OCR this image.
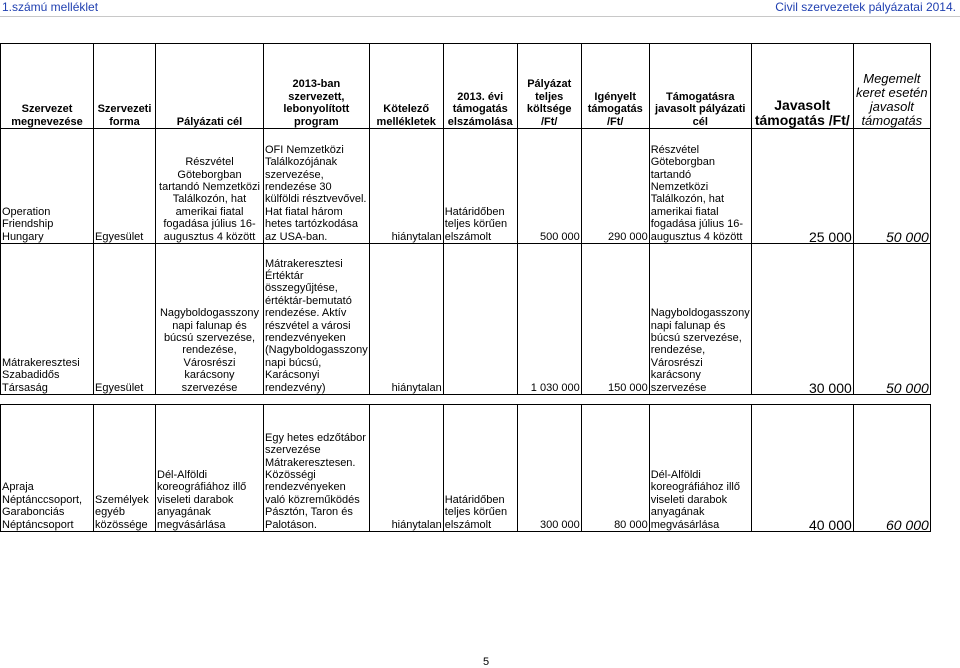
1.számú melléklet	Civil szervezetek pályázatai 2014.
Szervezet megnevezése	Szervezeti forma	Pályázati cél	2013-ban szervezett, lebonyolított program	Kötelező mellékletek	2013. évi támogatás elszámolása	Pályázat teljes költsége /Ft/	Igényelt támogatás /Ft/	Támogatásra javasolt pályázati cél	Javasolt támogatás /Ft/	Megemelt keret esetén javasolt támogatás
Operation Friendship Hungary	Egyesület	Részvétel Göteborgban tartandó Nemzetközi Találkozón, hat amerikai fiatal fogadása július 16-augusztus 4 között	OFI Nemzetközi Találkozójának szervezése, rendezése 30 külföldi résztvevővel. Hat fiatal három hetes tartózkodása az USA-ban.	hiánytalan	Határidőben teljes körűen elszámolt	500 000	290 000	Részvétel Göteborgban tartandó Nemzetközi Találkozón, hat amerikai fiatal fogadása július 16-augusztus 4 között	25 000	50 000
Mátrakeresztesi Szabadidős Társaság	Egyesület	Nagyboldogasszony napi falunap és búcsú szervezése, rendezése, Városrészi karácsony szervezése	Mátrakeresztesi Értéktár összegyűjtése, értéktár-bemutató rendezése. Aktív részvétel a városi rendezvényeken (Nagyboldogasszony napi búcsú, Karácsonyi rendezvény)	hiánytalan		1 030 000	150 000	Nagyboldogasszony napi falunap és búcsú szervezése, rendezése, Városrészi karácsony szervezése	30 000	50 000

Apraja Néptánccsoport, Garabonciás Néptáncsoport	Személyek egyéb közössége	Dél-Alföldi koreográfiához illő viseleti darabok anyagának megvásárlása	Egy hetes edzőtábor szervezése Mátrakeresztesen. Közösségi rendezvényeken való közreműködés Pásztón, Taron és Palotáson.	hiánytalan	Határidőben teljes körűen elszámolt	300 000	80 000	Dél-Alföldi koreográfiához illő viseleti darabok anyagának megvásárlása	40 000	60 000
5
